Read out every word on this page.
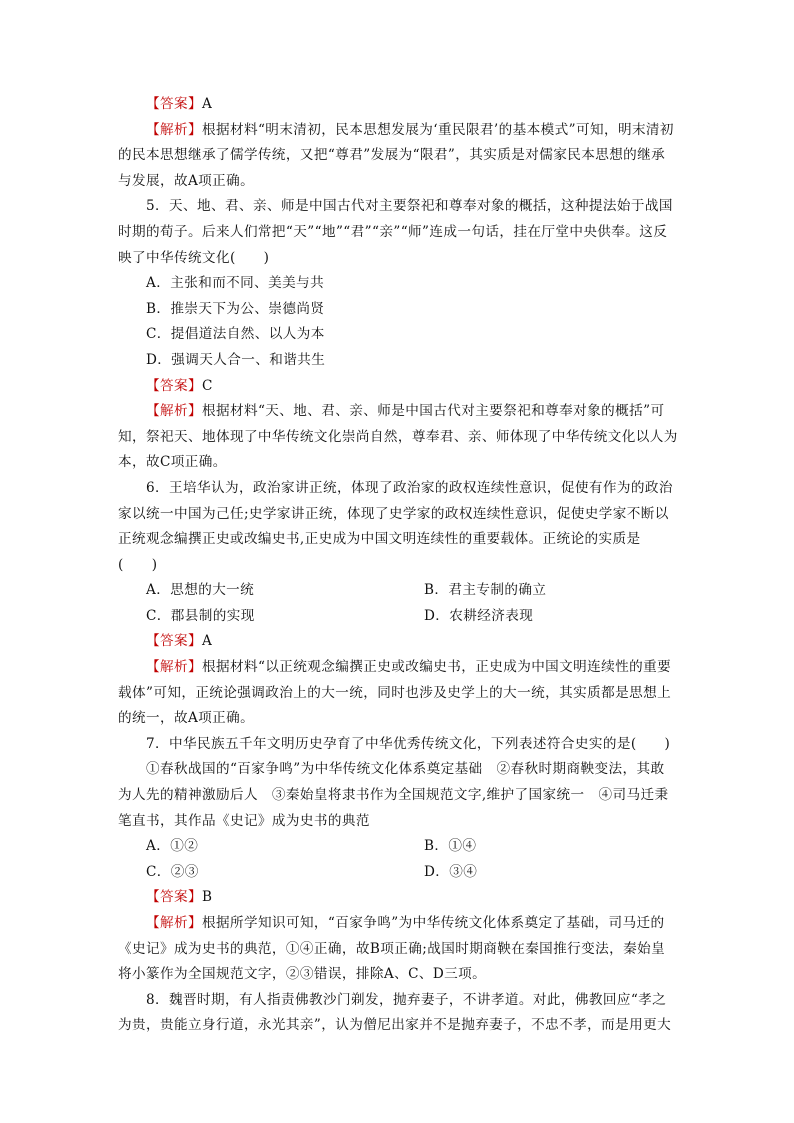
【答案】A

【解析】根据材料“明末清初，民本思想发展为‘重民限君’的基本模式”可知，明末清初的民本思想继承了儒学传统，又把“尊君”发展为“限君”，其实质是对儒家民本思想的继承与发展，故A项正确。

5．天、地、君、亲、师是中国古代对主要祭祀和尊奉对象的概括，这种提法始于战国时期的荀子。后来人们常把“天”“地”“君”“亲”“师”连成一句话，挂在厅堂中央供奉。这反映了中华传统文化(　　)

A．主张和而不同、美美与共

B．推崇天下为公、崇德尚贤

C．提倡道法自然、以人为本

D．强调天人合一、和谐共生

【答案】C

【解析】根据材料“天、地、君、亲、师是中国古代对主要祭祀和尊奉对象的概括”可知，祭祀天、地体现了中华传统文化崇尚自然，尊奉君、亲、师体现了中华传统文化以人为本，故C项正确。

6．王培华认为，政治家讲正统，体现了政治家的政权连续性意识，促使有作为的政治家以统一中国为己任;史学家讲正统，体现了史学家的政权连续性意识，促使史学家不断以正统观念编撰正史或改编史书,正史成为中国文明连续性的重要载体。正统论的实质是(　　)

A．思想的大一统	B．君主专制的确立
C．郡县制的实现	D．农耕经济表现

【答案】A

【解析】根据材料“以正统观念编撰正史或改编史书，正史成为中国文明连续性的重要载体”可知，正统论强调政治上的大一统，同时也涉及史学上的大一统，其实质都是思想上的统一，故A项正确。

7．中华民族五千年文明历史孕育了中华优秀传统文化，下列表述符合史实的是(　　)

①春秋战国的“百家争鸣”为中华传统文化体系奠定基础　②春秋时期商鞅变法，其敢为人先的精神激励后人　③秦始皇将隶书作为全国规范文字,维护了国家统一　④司马迁秉笔直书，其作品《史记》成为史书的典范

A．①②	B．①④
C．②③	D．③④

【答案】B

【解析】根据所学知识可知，“百家争鸣”为中华传统文化体系奠定了基础，司马迁的《史记》成为史书的典范，①④正确，故B项正确;战国时期商鞅在秦国推行变法，秦始皇将小篆作为全国规范文字，②③错误，排除A、C、D三项。

8．魏晋时期，有人指责佛教沙门剃发，抛弃妻子，不讲孝道。对此，佛教回应“孝之为贵，贵能立身行道，永光其亲”，认为僧尼出家并不是抛弃妻子，不忠不孝，而是用更大
